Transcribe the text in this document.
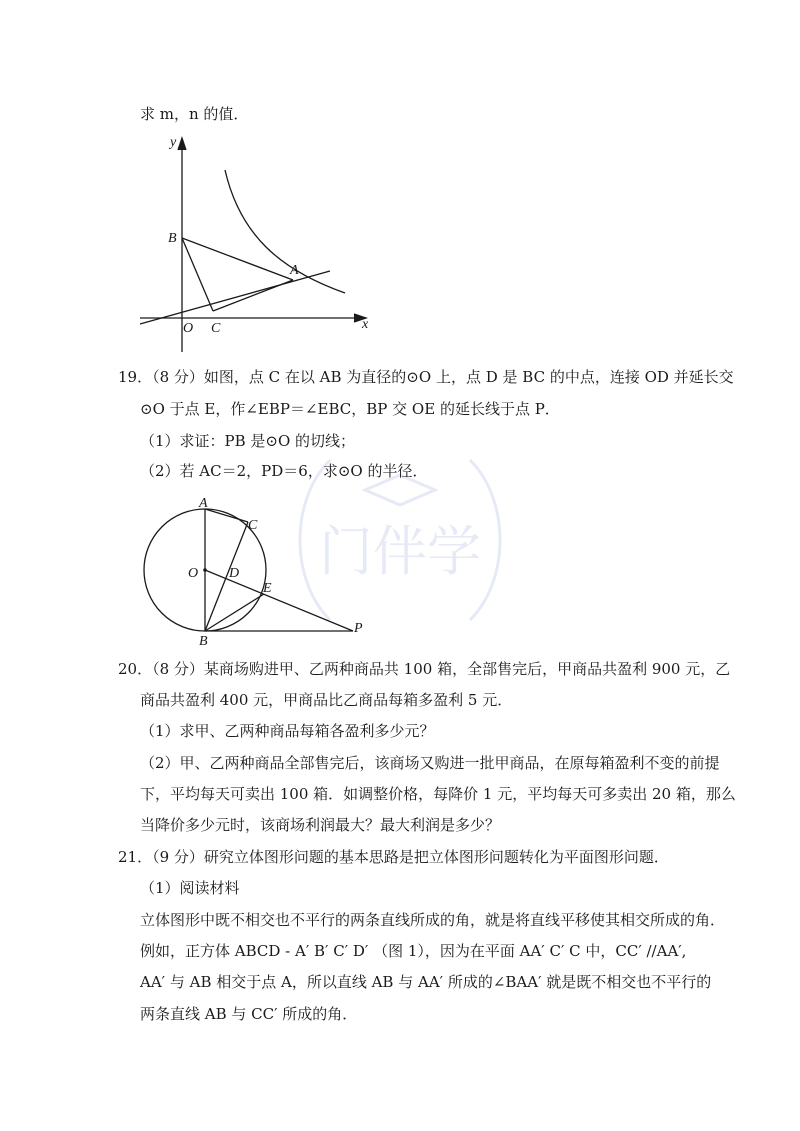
门伴学
求 m，n 的值．
y
x
B
A
O C
19．（8 分）如图，点 C 在以 AB 为直径的⊙O 上，点 D 是 BC 的中点，连接 OD 并延长交
⊙O 于点 E，作∠EBP＝∠EBC，BP 交 OE 的延长线于点 P．
（1）求证：PB 是⊙O 的切线；
（2）若 AC＝2，PD＝6，求⊙O 的半径．
A
C
O D
E
B
P
20．（8 分）某商场购进甲、乙两种商品共 100 箱，全部售完后，甲商品共盈利 900 元，乙
商品共盈利 400 元，甲商品比乙商品每箱多盈利 5 元．
（1）求甲、乙两种商品每箱各盈利多少元？
（2）甲、乙两种商品全部售完后，该商场又购进一批甲商品，在原每箱盈利不变的前提
下，平均每天可卖出 100 箱．如调整价格，每降价 1 元，平均每天可多卖出 20 箱，那么
当降价多少元时，该商场利润最大？最大利润是多少？
21．（9 分）研究立体图形问题的基本思路是把立体图形问题转化为平面图形问题．
（1）阅读材料
立体图形中既不相交也不平行的两条直线所成的角，就是将直线平移使其相交所成的角．
例如，正方体 ABCD - A′ B′ C′ D′ （图 1），因为在平面 AA′ C′ C 中，CC′ //AA′,
AA′ 与 AB 相交于点 A，所以直线 AB 与 AA′ 所成的∠BAA′ 就是既不相交也不平行的
两条直线 AB 与 CC′ 所成的角．
